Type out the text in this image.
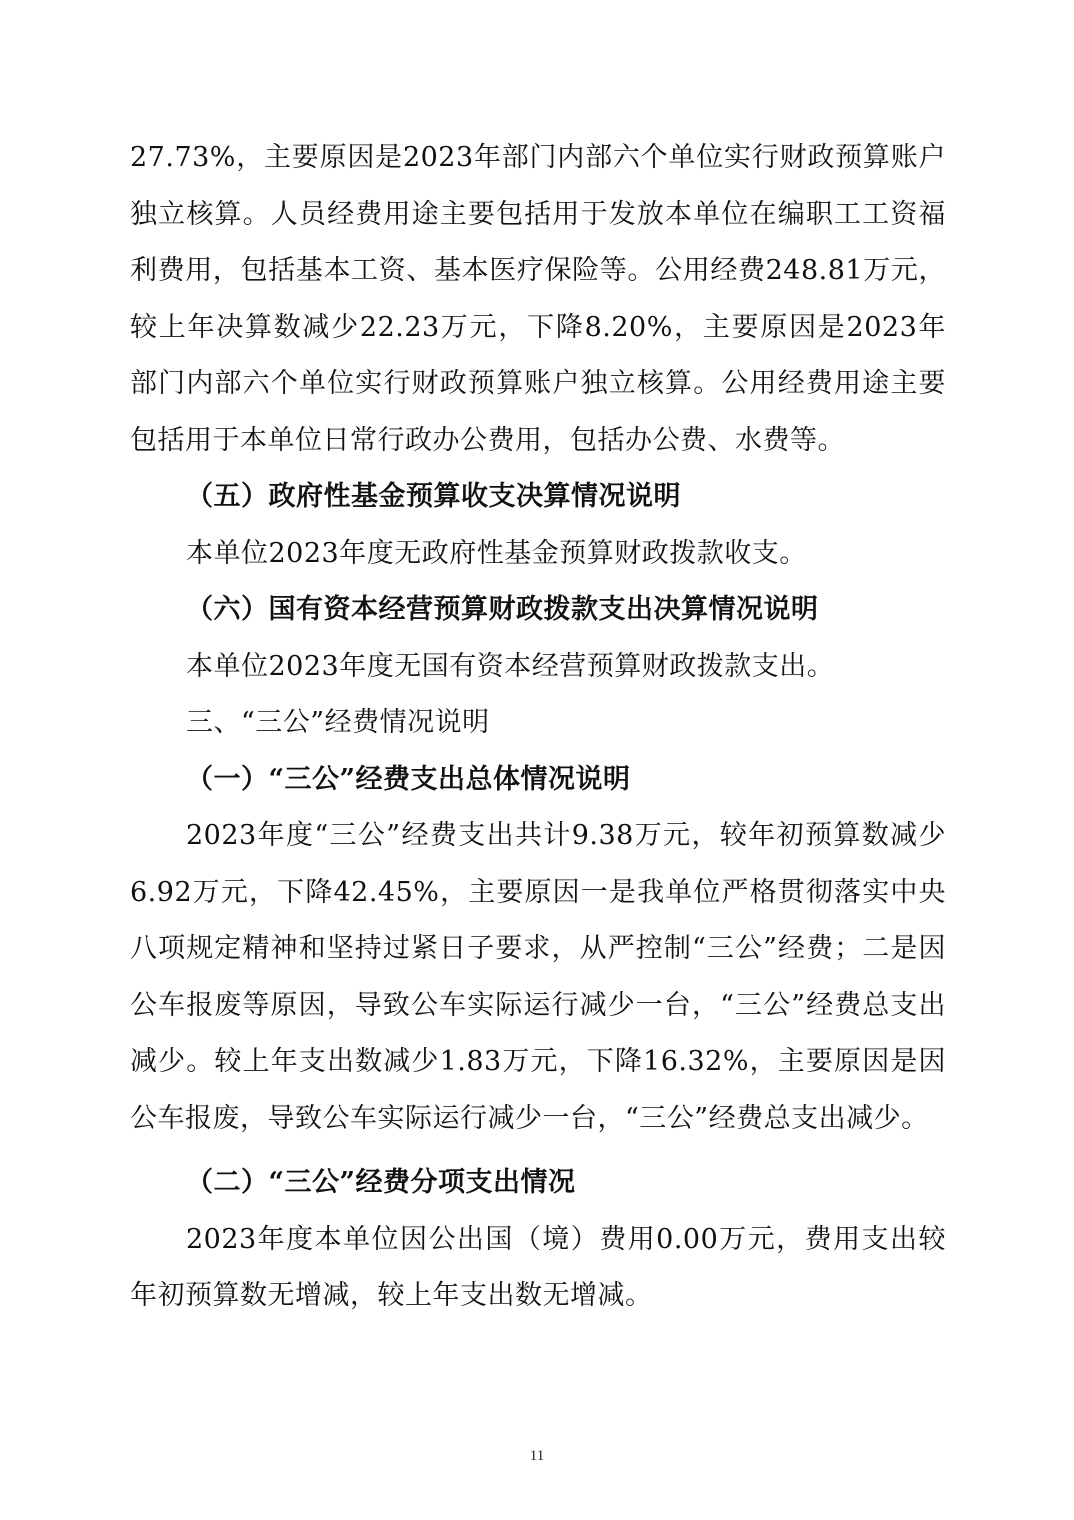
27.73%，主要原因是2023年部门内部六个单位实行财政预算账户独立核算。人员经费用途主要包括用于发放本单位在编职工工资福利费用，包括基本工资、基本医疗保险等。公用经费248.81万元，较上年决算数减少22.23万元，下降8.20%，主要原因是2023年部门内部六个单位实行财政预算账户独立核算。公用经费用途主要包括用于本单位日常行政办公费用，包括办公费、水费等。

（五）政府性基金预算收支决算情况说明

本单位2023年度无政府性基金预算财政拨款收支。

（六）国有资本经营预算财政拨款支出决算情况说明

本单位2023年度无国有资本经营预算财政拨款支出。

三、“三公”经费情况说明

（一）“三公”经费支出总体情况说明

2023年度“三公”经费支出共计9.38万元，较年初预算数减少6.92万元，下降42.45%，主要原因一是我单位严格贯彻落实中央八项规定精神和坚持过紧日子要求，从严控制“三公”经费；二是因公车报废等原因，导致公车实际运行减少一台，“三公”经费总支出减少。较上年支出数减少1.83万元，下降16.32%，主要原因是因公车报废，导致公车实际运行减少一台，“三公”经费总支出减少。

（二）“三公”经费分项支出情况

2023年度本单位因公出国（境）费用0.00万元，费用支出较年初预算数无增减，较上年支出数无增减。

11
